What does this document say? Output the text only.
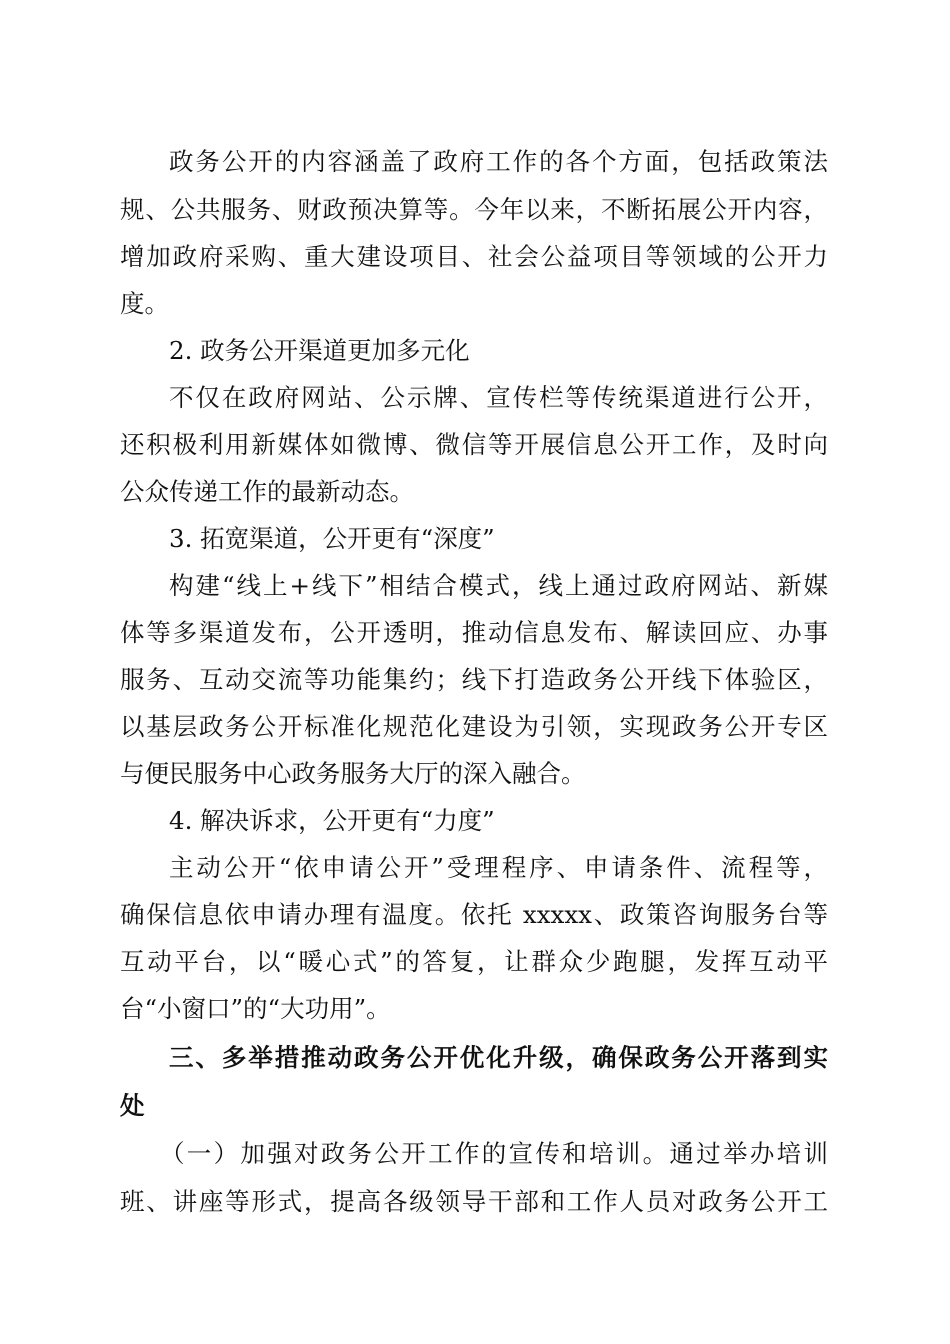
政务公开的内容涵盖了政府工作的各个方面，包括政策法
规、公共服务、财政预决算等。今年以来，不断拓展公开内容，
增加政府采购、重大建设项目、社会公益项目等领域的公开力
度。
2. 政务公开渠道更加多元化
不仅在政府网站、公示牌、宣传栏等传统渠道进行公开，
还积极利用新媒体如微博、微信等开展信息公开工作，及时向
公众传递工作的最新动态。
3. 拓宽渠道，公开更有“深度”
构建“线上+线下”相结合模式，线上通过政府网站、新媒
体等多渠道发布，公开透明，推动信息发布、解读回应、办事
服务、互动交流等功能集约；线下打造政务公开线下体验区，
以基层政务公开标准化规范化建设为引领，实现政务公开专区
与便民服务中心政务服务大厅的深入融合。
4. 解决诉求，公开更有“力度”
主动公开“依申请公开”受理程序、申请条件、流程等，
确保信息依申请办理有温度。依托 xxxxx、政策咨询服务台等
互动平台，以“暖心式”的答复，让群众少跑腿，发挥互动平
台“小窗口”的“大功用”。
三、多举措推动政务公开优化升级，确保政务公开落到实
处
（一）加强对政务公开工作的宣传和培训。通过举办培训
班、讲座等形式，提高各级领导干部和工作人员对政务公开工
